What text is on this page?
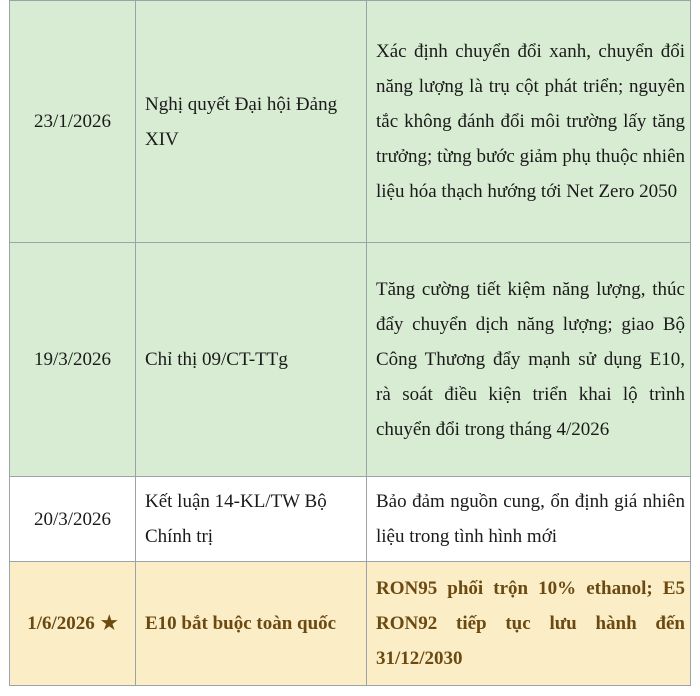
23/1/2026	Nghị quyết Đại hội Đảng XIV	Xác định chuyển đổi xanh, chuyển đổi năng lượng là trụ cột phát triển; nguyên tắc không đánh đổi môi trường lấy tăng trưởng; từng bước giảm phụ thuộc nhiên liệu hóa thạch hướng tới Net Zero 2050
19/3/2026	Chỉ thị 09/CT-TTg	Tăng cường tiết kiệm năng lượng, thúc đẩy chuyển dịch năng lượng; giao Bộ Công Thương đẩy mạnh sử dụng E10, rà soát điều kiện triển khai lộ trình chuyển đổi trong tháng 4/2026
20/3/2026	Kết luận 14-KL/TW Bộ Chính trị	Bảo đảm nguồn cung, ổn định giá nhiên liệu trong tình hình mới
1/6/2026 ★	E10 bắt buộc toàn quốc	RON95 phối trộn 10% ethanol; E5 RON92 tiếp tục lưu hành đến 31/12/2030
